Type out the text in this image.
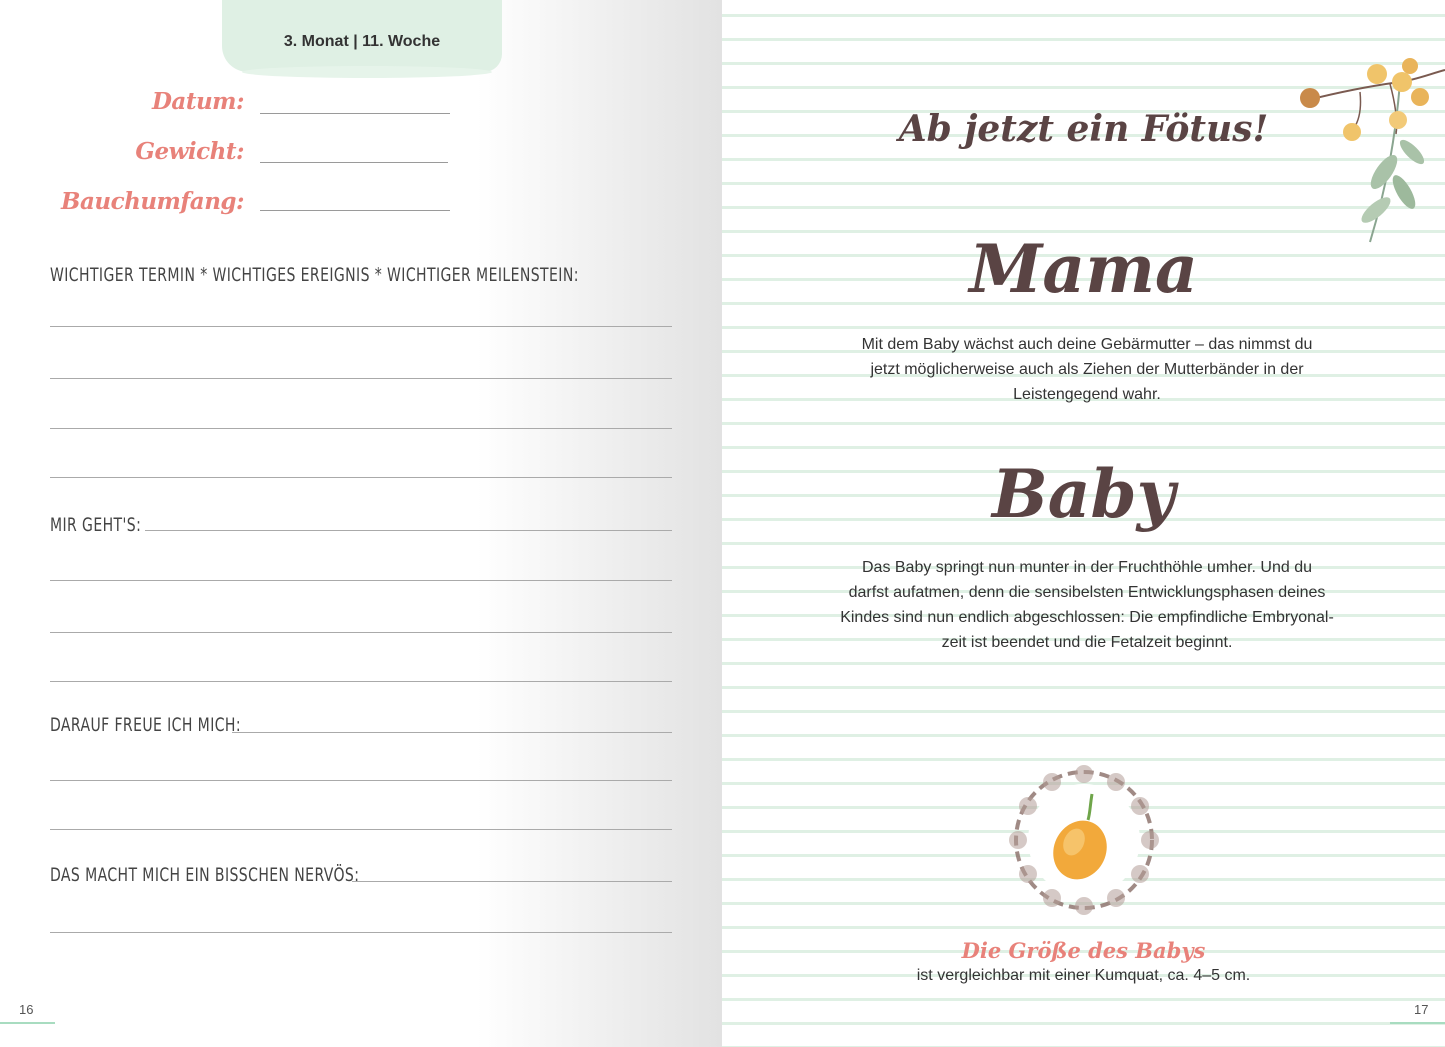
3. Monat | 11. Woche
Datum:
Gewicht:
Bauchumfang:
WICHTIGER TERMIN * WICHTIGES EREIGNIS * WICHTIGER MEILENSTEIN:
MIR GEHT'S:
DARAUF FREUE ICH MICH:
DAS MACHT MICH EIN BISSCHEN NERVÖS:
16
Ab jetzt ein Fötus!
Mama
Mit dem Baby wächst auch deine Gebärmutter – das nimmst du
jetzt möglicherweise auch als Ziehen der Mutterbänder in der
Leistengegend wahr.
Baby
Das Baby springt nun munter in der Fruchthöhle umher. Und du
darfst aufatmen, denn die sensibelsten Entwicklungsphasen deines
Kindes sind nun endlich abgeschlossen: Die empfindliche Embryonal-
zeit ist beendet und die Fetalzeit beginnt.
Die Größe des Babys
ist vergleichbar mit einer Kumquat, ca. 4–5 cm.
17
